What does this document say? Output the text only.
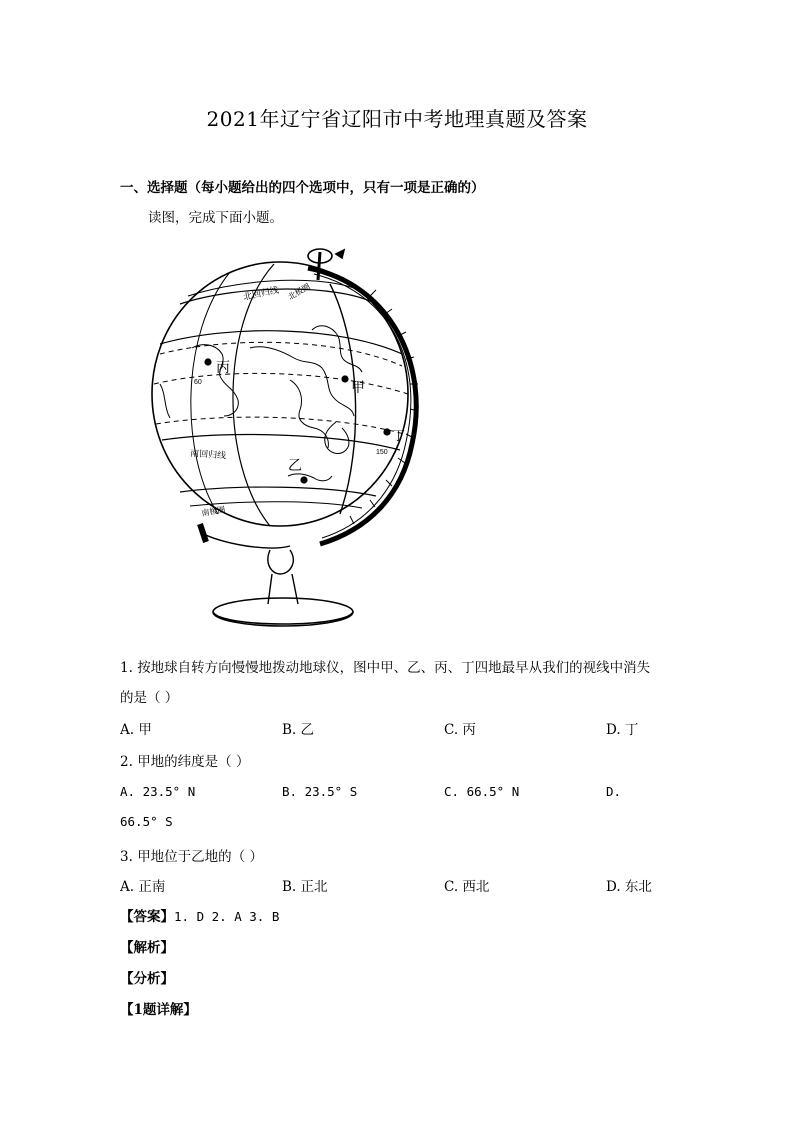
2021年辽宁省辽阳市中考地理真题及答案
一、选择题（每小题给出的四个选项中，只有一项是正确的）
读图，完成下面小题。
北回归线
南回归线
北极圈
南极圈
丙
甲
丁
乙
60
150
1. 按地球自转方向慢慢地拨动地球仪，图中甲、乙、丙、丁四地最早从我们的视线中消失
的是（ ）
A. 甲	B. 乙	C. 丙	D. 丁
2. 甲地的纬度是（ ）
A. 23.5° N	B. 23.5° S	C. 66.5° N	D.
66.5° S
3. 甲地位于乙地的（ ）
A. 正南	B. 正北	C. 西北	D. 东北
【答案】1. D 2. A 3. B
【解析】
【分析】
【1题详解】
